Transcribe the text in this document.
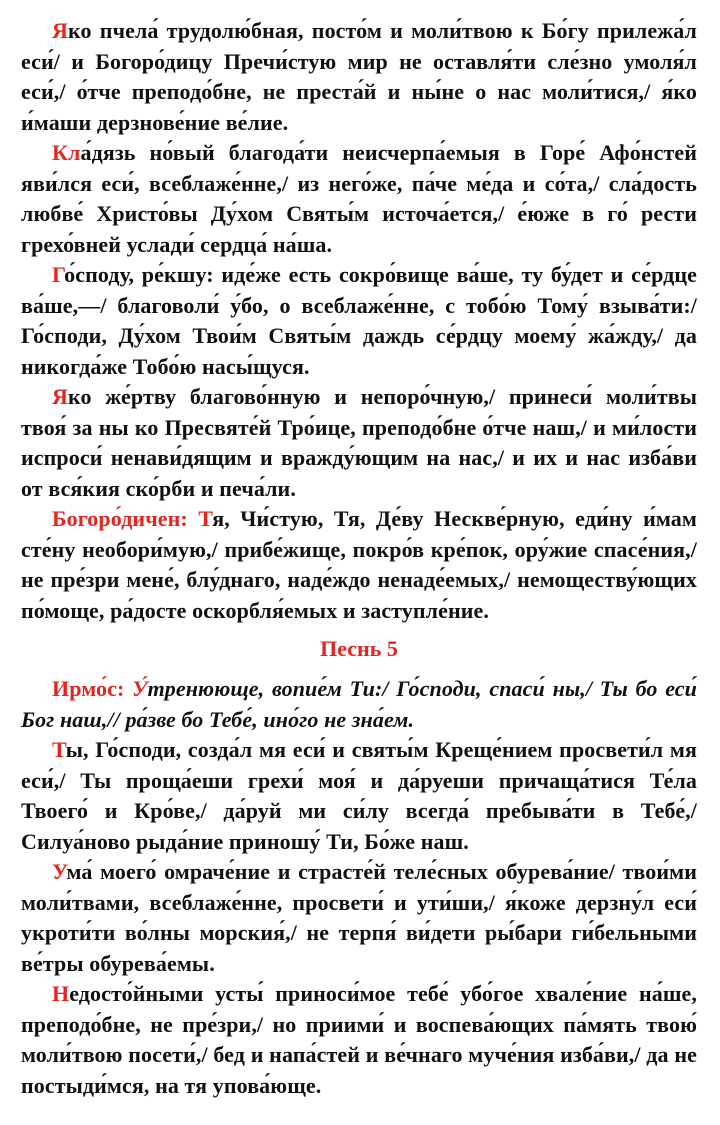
Яко пчела́ трудолю́бная, посто́м и моли́твою к Бо́гу прилежа́л еси́/ и Богоро́дицу Пречи́стую мир не оставля́ти сле́зно умоля́л еси́,/ о́тче преподо́бне, не преста́й и ны́не о нас моли́тися,/ я́ко и́маши дерзнове́ние ве́лие.

Кла́дязь но́вый благода́ти неисчерпа́емыя в Горе́ Афо́нстей яви́лся еси́, всеблаже́нне,/ из него́же, па́че ме́да и со́та,/ сла́дость любве́ Христо́вы Ду́хом Святы́м источа́ется,/ е́юже в го́ рести грехо́вней услади́ сердца́ на́ша.

Го́споду, ре́кшу: иде́же есть сокро́вище ва́ше, ту бу́дет и се́рдце ва́ше,—/ благоволи́ у́бо, о всеблаже́нне, с тобо́ю Тому́ взыва́ти:/ Го́споди, Ду́хом Твои́м Святы́м даждь се́рдцу моему́ жа́жду,/ да никогда́же Тобо́ю насы́щуся.

Яко же́ртву благово́нную и непоро́чную,/ принеси́ моли́твы твоя́ за ны ко Пресвяте́й Тро́ице, преподо́бне о́тче наш,/ и ми́лости испроси́ ненави́дящим и вражду́ющим на нас,/ и их и нас изба́ви от вся́кия ско́рби и печа́ли.

Богоро́дичен: Тя, Чи́стую, Тя, Де́ву Нескве́рную, еди́ну и́мам сте́ну необори́мую,/ прибе́жище, покро́в кре́пок, ору́жие спасе́ния,/ не пре́зри мене́, блу́днаго, наде́ждо ненаде́емых,/ немоществу́ющих по́моще, ра́досте оскорбля́емых и заступле́ние.

Песнь 5

Ирмо́с: У́тренююще, вопие́м Ти:/ Го́споди, спаси́ ны,/ Ты бо еси́ Бог наш,// ра́зве бо Тебе́, ино́го не зна́ем.

Ты, Го́споди, созда́л мя еси́ и святы́м Креще́нием просвети́л мя еси́,/ Ты проща́еши грехи́ моя́ и да́руеши причаща́тися Те́ла Твоего́ и Кро́ве,/ да́руй ми си́лу всегда́ пребыва́ти в Тебе́,/ Силуа́ново рыда́ние приношу́ Ти, Бо́же наш.

Ума́ моего́ омраче́ние и страсте́й теле́сных обурева́ние/ твои́ми моли́твами, всеблаже́нне, просвети́ и ути́ши,/ я́коже дерзну́л еси́ укроти́ти во́лны морския́,/ не терпя́ ви́дети ры́бари ги́бельными ве́тры обурева́емы.

Недосто́йными усты́ приноси́мое тебе́ убо́гое хвале́ние на́ше, преподо́бне, не пре́зри,/ но приими́ и воспева́ющих па́мять твою́ моли́твою посети́,/ бед и напа́стей и ве́чнаго муче́ния изба́ви,/ да не постыди́мся, на тя упова́юще.
